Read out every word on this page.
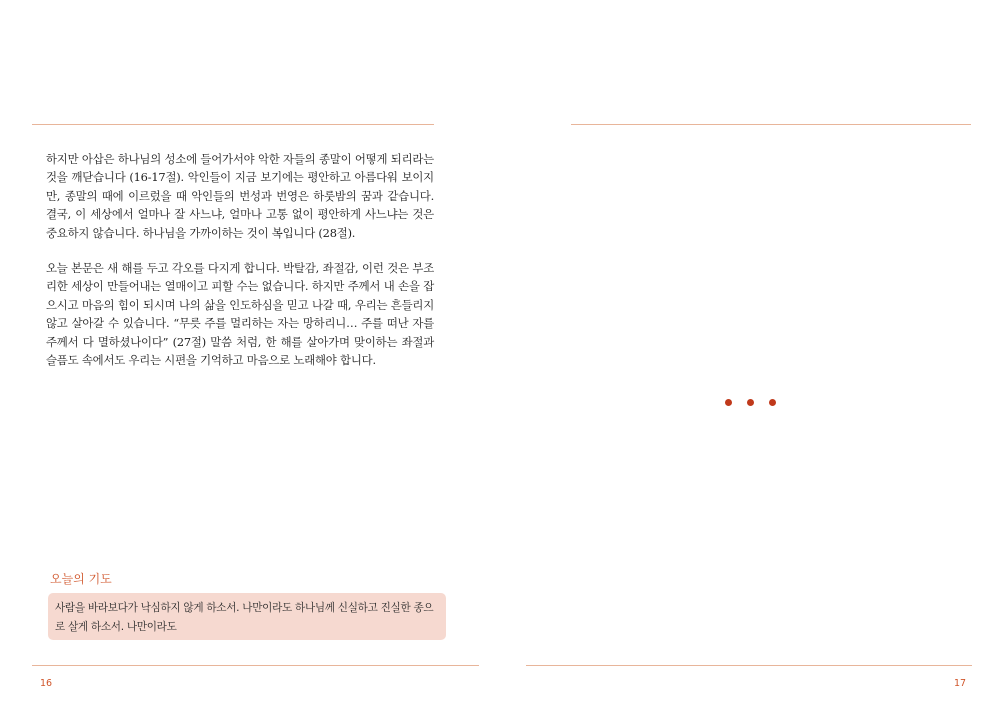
하지만 아삽은 하나님의 성소에 들어가서야 악한 자들의 종말이 어떻게 되리라는 것을 깨닫습니다 (16-17절). 악인들이 지금 보기에는 평안하고 아름다워 보이지만, 종말의 때에 이르렀을 때 악인들의 번성과 번영은 하룻밤의 꿈과 같습니다. 결국, 이 세상에서 얼마나 잘 사느냐, 얼마나 고통 없이 평안하게 사느냐는 것은 중요하지 않습니다. 하나님을 가까이하는 것이 복입니다 (28절).

오늘 본문은 새 해를 두고 각오를 다지게 합니다. 박탈감, 좌절감, 이런 것은 부조리한 세상이 만들어내는 열매이고 피할 수는 없습니다. 하지만 주께서 내 손을 잡으시고 마음의 힘이 되시며 나의 삶을 인도하심을 믿고 나갈 때, 우리는 흔들리지 않고 살아갈 수 있습니다. “무릇 주를 멀리하는 자는 망하리니… 주를 떠난 자를 주께서 다 멸하셨나이다” (27절) 말씀 처럼, 한 해를 살아가며 맞이하는 좌절과 슬픔도 속에서도 우리는 시편을 기억하고 마음으로 노래해야 합니다.

오늘의 기도

사람을 바라보다가 낙심하지 않게 하소서. 나만이라도 하나님께 신실하고 진실한 종으로 살게 하소서. 나만이라도
16	17
